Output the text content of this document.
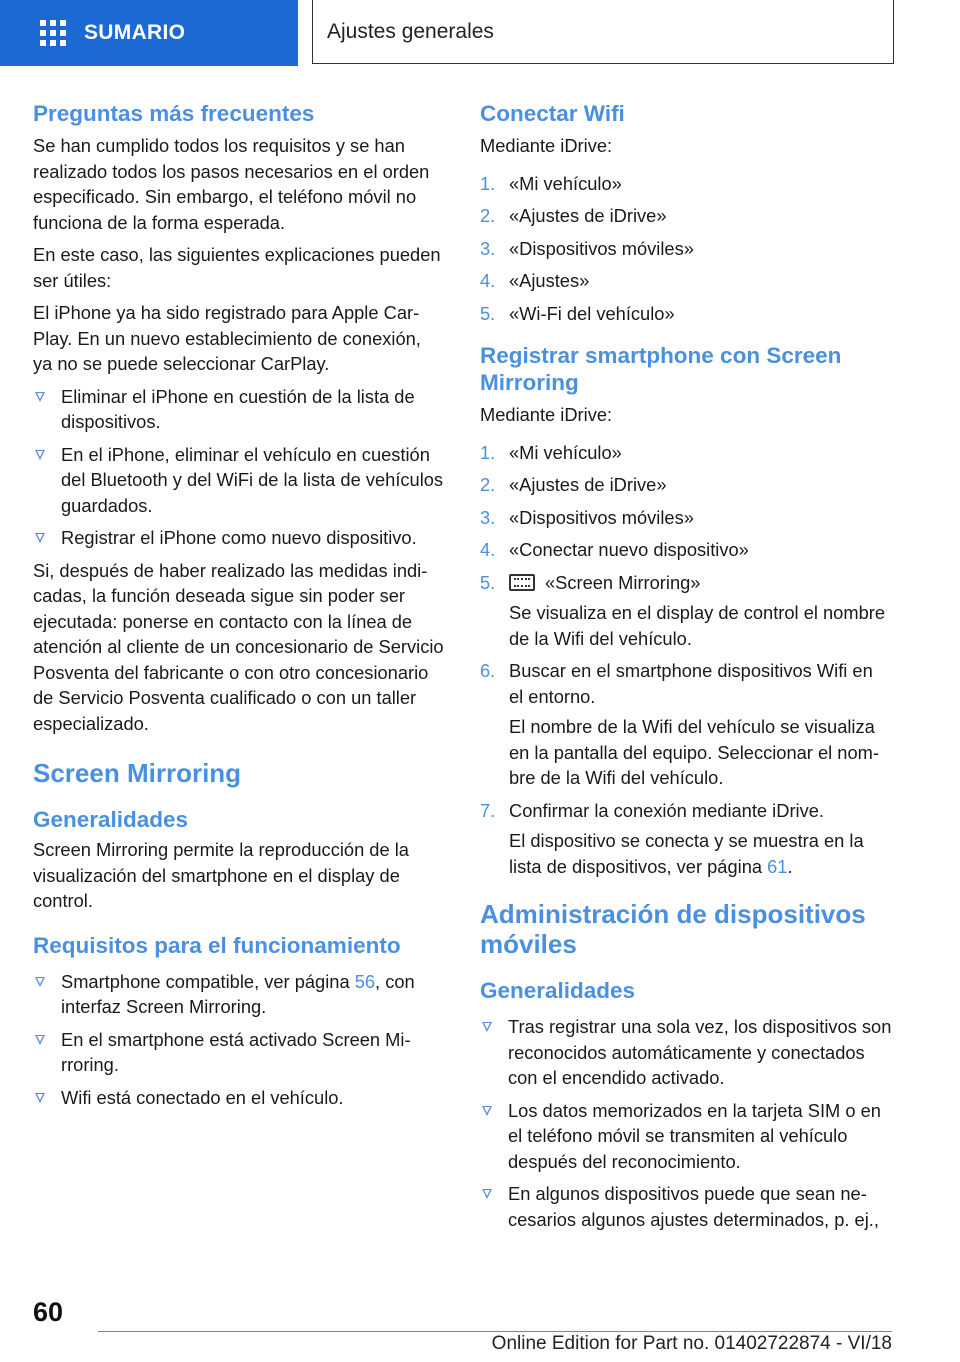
SUMARIO	Ajustes generales
Preguntas más frecuentes

Se han cumplido todos los requisitos y se han realizado todos los pasos necesarios en el orden especificado. Sin embargo, el teléfono móvil no funciona de la forma esperada.

En este caso, las siguientes explicaciones pueden ser útiles:

El iPhone ya ha sido registrado para Apple CarPlay. En un nuevo establecimiento de conexión, ya no se puede seleccionar CarPlay.

Eliminar el iPhone en cuestión de la lista de dispositivos.
En el iPhone, eliminar el vehículo en cuestión del Bluetooth y del WiFi de la lista de vehículos guardados.
Registrar el iPhone como nuevo dispositivo.

Si, después de haber realizado las medidas indicadas, la función deseada sigue sin poder ser ejecutada: ponerse en contacto con la línea de atención al cliente de un concesionario de Servicio Posventa del fabricante o con otro concesionario de Servicio Posventa cualificado o con un taller especializado.

Screen Mirroring
Generalidades

Screen Mirroring permite la reproducción de la visualización del smartphone en el display de control.

Requisitos para el funcionamiento
Smartphone compatible, ver página 56, con interfaz Screen Mirroring.
En el smartphone está activado Screen Mirroring.
Wifi está conectado en el vehículo.
Conectar Wifi

Mediante iDrive:

1. «Mi vehículo»
2. «Ajustes de iDrive»
3. «Dispositivos móviles»
4. «Ajustes»
5. «Wi-Fi del vehículo»
Registrar smartphone con Screen Mirroring

Mediante iDrive:

1. «Mi vehículo»
2. «Ajustes de iDrive»
3. «Dispositivos móviles»
4. «Conectar nuevo dispositivo»
5.	«Screen Mirroring»
Se visualiza en el display de control el nombre de la Wifi del vehículo.
6. Buscar en el smartphone dispositivos Wifi en el entorno.
El nombre de la Wifi del vehículo se visualiza en la pantalla del equipo. Seleccionar el nombre de la Wifi del vehículo.
7. Confirmar la conexión mediante iDrive.
El dispositivo se conecta y se muestra en la lista de dispositivos, ver página 61.
Administración de dispositivos móviles
Generalidades
Tras registrar una sola vez, los dispositivos son reconocidos automáticamente y conectados con el encendido activado.
Los datos memorizados en la tarjeta SIM o en el teléfono móvil se transmiten al vehículo después del reconocimiento.
En algunos dispositivos puede que sean necesarios algunos ajustes determinados, p. ej.,
60
Online Edition for Part no. 01402722874 - VI/18
